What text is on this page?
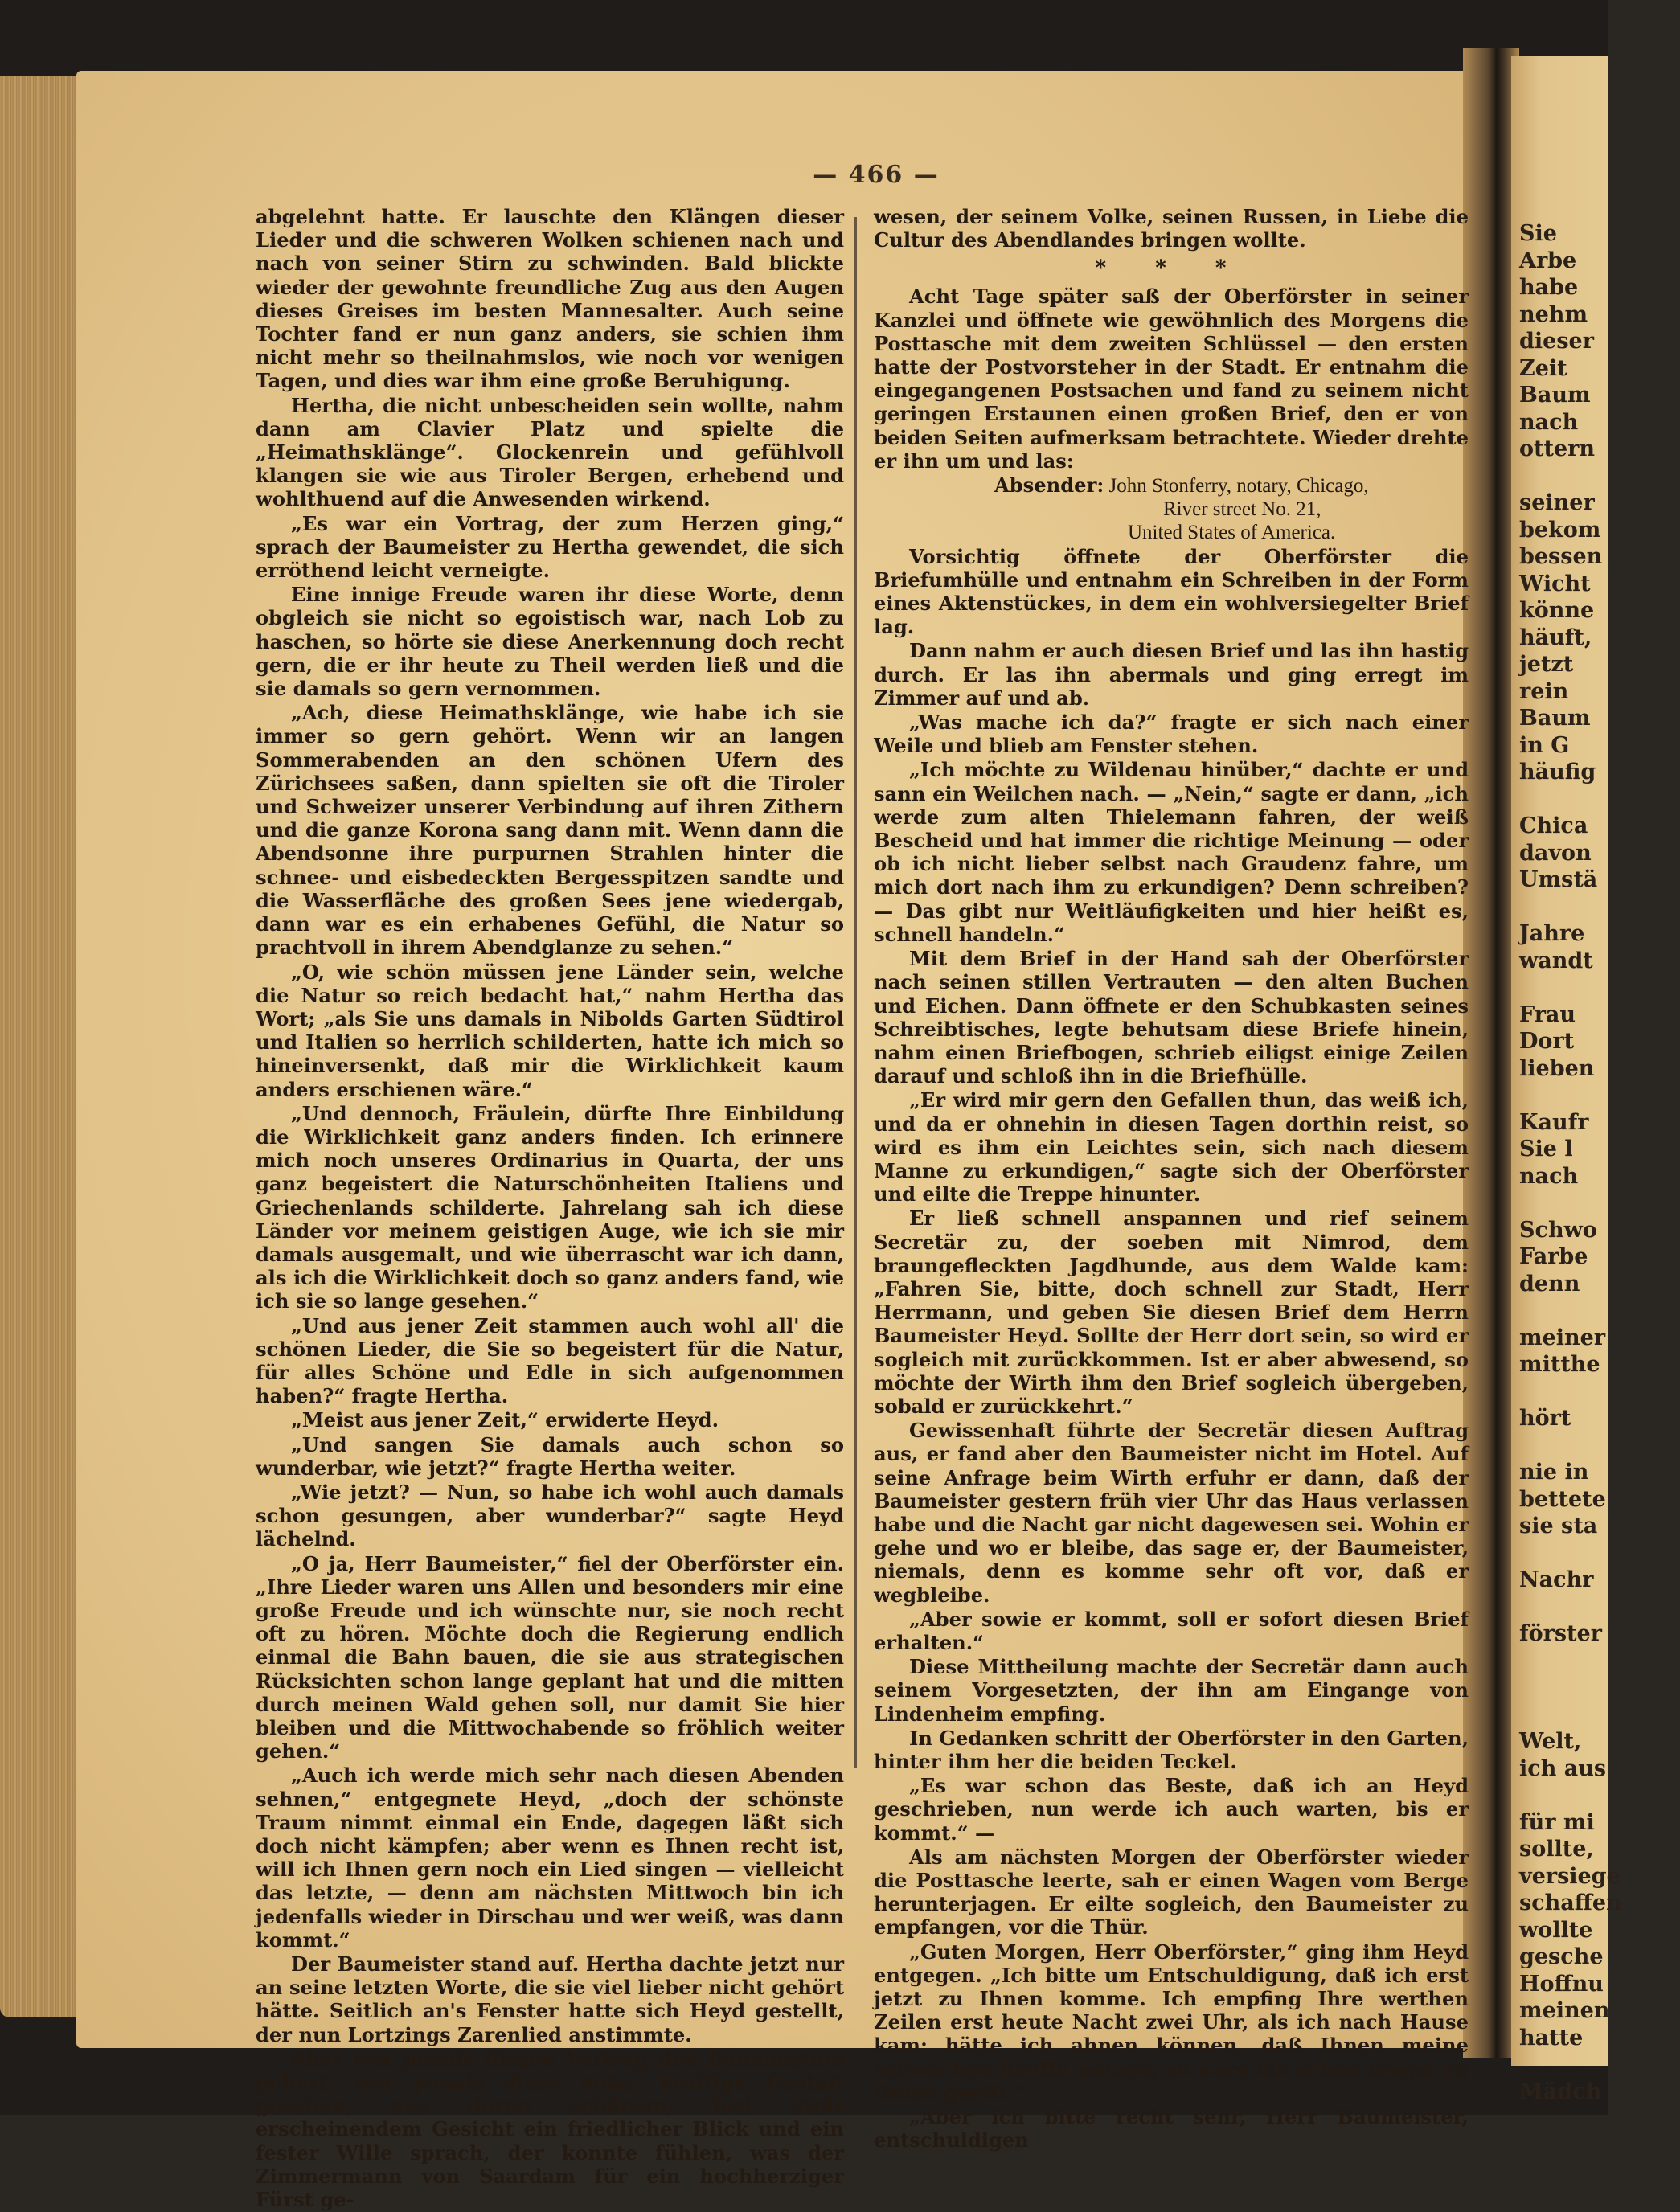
Sie
Arbe
habe
nehm
dieser
Zeit
Baum
nach
ottern
seiner
bekom
bessen
Wicht
könne
häuft,
jetzt
rein
Baum
in G
häufig
Chica
davon
Umstä
Jahre
wandt
Frau
Dort
lieben
Kaufr
Sie l
nach
Schwo
Farbe
denn
meiner
mitthe
hört
nie in
bettete
sie sta
Nachr
förster
Welt,
ich aus
für mi
sollte,
versiege
schaffen
wollte
gesche
Hoffnu
meinen
hatte
Mädch
— 466 —

abgelehnt hatte. Er lauschte den Klängen dieser Lieder und die schweren Wolken schienen nach und nach von seiner Stirn zu schwinden. Bald blickte wieder der gewohnte freundliche Zug aus den Augen dieses Greises im besten Mannesalter. Auch seine Tochter fand er nun ganz anders, sie schien ihm nicht mehr so theilnahmslos, wie noch vor wenigen Tagen, und dies war ihm eine große Beruhigung.

Hertha, die nicht unbescheiden sein wollte, nahm dann am Clavier Platz und spielte die „Heimathsklänge“. Glockenrein und gefühlvoll klangen sie wie aus Tiroler Bergen, erhebend und wohlthuend auf die Anwesenden wirkend.

„Es war ein Vortrag, der zum Herzen ging,“ sprach der Baumeister zu Hertha gewendet, die sich erröthend leicht verneigte.

Eine innige Freude waren ihr diese Worte, denn obgleich sie nicht so egoistisch war, nach Lob zu haschen, so hörte sie diese Anerkennung doch recht gern, die er ihr heute zu Theil werden ließ und die sie damals so gern vernommen.

„Ach, diese Heimathsklänge, wie habe ich sie immer so gern gehört. Wenn wir an langen Sommerabenden an den schönen Ufern des Zürichsees saßen, dann spielten sie oft die Tiroler und Schweizer unserer Verbindung auf ihren Zithern und die ganze Korona sang dann mit. Wenn dann die Abendsonne ihre purpurnen Strahlen hinter die schnee- und eisbedeckten Bergesspitzen sandte und die Wasserfläche des großen Sees jene wiedergab, dann war es ein erhabenes Gefühl, die Natur so prachtvoll in ihrem Abendglanze zu sehen.“

„O, wie schön müssen jene Länder sein, welche die Natur so reich bedacht hat,“ nahm Hertha das Wort; „als Sie uns damals in Nibolds Garten Südtirol und Italien so herrlich schilderten, hatte ich mich so hineinversenkt, daß mir die Wirklichkeit kaum anders erschienen wäre.“

„Und dennoch, Fräulein, dürfte Ihre Einbildung die Wirklichkeit ganz anders finden. Ich erinnere mich noch unseres Ordinarius in Quarta, der uns ganz begeistert die Naturschönheiten Italiens und Griechenlands schilderte. Jahrelang sah ich diese Länder vor meinem geistigen Auge, wie ich sie mir damals ausgemalt, und wie überrascht war ich dann, als ich die Wirklichkeit doch so ganz anders fand, wie ich sie so lange gesehen.“

„Und aus jener Zeit stammen auch wohl all' die schönen Lieder, die Sie so begeistert für die Natur, für alles Schöne und Edle in sich aufgenommen haben?“ fragte Hertha.

„Meist aus jener Zeit,“ erwiderte Heyd.

„Und sangen Sie damals auch schon so wunderbar, wie jetzt?“ fragte Hertha weiter.

„Wie jetzt? — Nun, so habe ich wohl auch damals schon gesungen, aber wunderbar?“ sagte Heyd lächelnd.

„O ja, Herr Baumeister,“ fiel der Oberförster ein. „Ihre Lieder waren uns Allen und besonders mir eine große Freude und ich wünschte nur, sie noch recht oft zu hören. Möchte doch die Regierung endlich einmal die Bahn bauen, die sie aus strategischen Rücksichten schon lange geplant hat und die mitten durch meinen Wald gehen soll, nur damit Sie hier bleiben und die Mittwochabende so fröhlich weiter gehen.“

„Auch ich werde mich sehr nach diesen Abenden sehnen,“ entgegnete Heyd, „doch der schönste Traum nimmt einmal ein Ende, dagegen läßt sich doch nicht kämpfen; aber wenn es Ihnen recht ist, will ich Ihnen gern noch ein Lied singen — vielleicht das letzte, — denn am nächsten Mittwoch bin ich jedenfalls wieder in Dirschau und wer weiß, was dann kommt.“

Der Baumeister stand auf. Hertha dachte jetzt nur an seine letzten Worte, die sie viel lieber nicht gehört hätte. Seitlich an's Fenster hatte sich Heyd gestellt, der nun Lortzings Zarenlied anstimmte.

Aber wer jemals diesen Vortrag des Baumeisters gehört, wer jemals diese hohe, kräftige Gestalt gesehen, aus deren schönem, fast stolz erscheinendem Gesicht ein friedlicher Blick und ein fester Wille sprach, der konnte fühlen, was der Zimmermann von Saardam für ein hochherziger Fürst ge-

wesen, der seinem Volke, seinen Russen, in Liebe die Cultur des Abendlandes bringen wollte.

* * *

Acht Tage später saß der Oberförster in seiner Kanzlei und öffnete wie gewöhnlich des Morgens die Posttasche mit dem zweiten Schlüssel — den ersten hatte der Postvorsteher in der Stadt. Er entnahm die eingegangenen Postsachen und fand zu seinem nicht geringen Erstaunen einen großen Brief, den er von beiden Seiten aufmerksam betrachtete. Wieder drehte er ihn um und las:

Absender: John Stonferry, notary, Chicago,
River street No. 21,
United States of America.

Vorsichtig öffnete der Oberförster die Briefumhülle und entnahm ein Schreiben in der Form eines Aktenstückes, in dem ein wohlversiegelter Brief lag.

Dann nahm er auch diesen Brief und las ihn hastig durch. Er las ihn abermals und ging erregt im Zimmer auf und ab.

„Was mache ich da?“ fragte er sich nach einer Weile und blieb am Fenster stehen.

„Ich möchte zu Wildenau hinüber,“ dachte er und sann ein Weilchen nach. — „Nein,“ sagte er dann, „ich werde zum alten Thielemann fahren, der weiß Bescheid und hat immer die richtige Meinung — oder ob ich nicht lieber selbst nach Graudenz fahre, um mich dort nach ihm zu erkundigen? Denn schreiben? — Das gibt nur Weitläufigkeiten und hier heißt es, schnell handeln.“

Mit dem Brief in der Hand sah der Oberförster nach seinen stillen Vertrauten — den alten Buchen und Eichen. Dann öffnete er den Schubkasten seines Schreibtisches, legte behutsam diese Briefe hinein, nahm einen Briefbogen, schrieb eiligst einige Zeilen darauf und schloß ihn in die Briefhülle.

„Er wird mir gern den Gefallen thun, das weiß ich, und da er ohnehin in diesen Tagen dorthin reist, so wird es ihm ein Leichtes sein, sich nach diesem Manne zu erkundigen,“ sagte sich der Oberförster und eilte die Treppe hinunter.

Er ließ schnell anspannen und rief seinem Secretär zu, der soeben mit Nimrod, dem braungefleckten Jagdhunde, aus dem Walde kam: „Fahren Sie, bitte, doch schnell zur Stadt, Herr Herrmann, und geben Sie diesen Brief dem Herrn Baumeister Heyd. Sollte der Herr dort sein, so wird er sogleich mit zurückkommen. Ist er aber abwesend, so möchte der Wirth ihm den Brief sogleich übergeben, sobald er zurückkehrt.“

Gewissenhaft führte der Secretär diesen Auftrag aus, er fand aber den Baumeister nicht im Hotel. Auf seine Anfrage beim Wirth erfuhr er dann, daß der Baumeister gestern früh vier Uhr das Haus verlassen habe und die Nacht gar nicht dagewesen sei. Wohin er gehe und wo er bleibe, das sage er, der Baumeister, niemals, denn es komme sehr oft vor, daß er wegbleibe.

„Aber sowie er kommt, soll er sofort diesen Brief erhalten.“

Diese Mittheilung machte der Secretär dann auch seinem Vorgesetzten, der ihn am Eingange von Lindenheim empfing.

In Gedanken schritt der Oberförster in den Garten, hinter ihm her die beiden Teckel.

„Es war schon das Beste, daß ich an Heyd geschrieben, nun werde ich auch warten, bis er kommt.“ —

Als am nächsten Morgen der Oberförster wieder die Posttasche leerte, sah er einen Wagen vom Berge herunterjagen. Er eilte sogleich, den Baumeister zu empfangen, vor die Thür.

„Guten Morgen, Herr Oberförster,“ ging ihm Heyd entgegen. „Ich bitte um Entschuldigung, daß ich erst jetzt zu Ihnen komme. Ich empfing Ihre werthen Zeilen erst heute Nacht zwei Uhr, als ich nach Hause kam; hätte ich ahnen können, daß Ihnen meine schwachen Kräfte nützen, so wäre ich schon längst zu Ihnen geeilt.“

„Aber ich bitte recht sehr, Herr Baumeister, entschuldigen
